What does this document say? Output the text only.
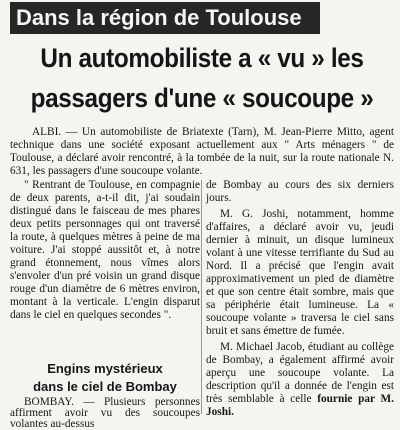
Dans la région de Toulouse
Un automobiliste a « vu » les
passagers d'une « soucoupe »

ALBI. — Un automobiliste de Briatexte (Tarn), M. Jean-Pierre Mitto, agent technique dans une société exposant actuellement aux " Arts ménagers " de Toulouse, a déclaré avoir rencontré, à la tombée de la nuit, sur la route nationale N. 631, les passagers d'une soucoupe volante.

" Rentrant de Toulouse, en compagnie de deux parents, a-t-il dit, j'ai soudain distingué dans le faisceau de mes phares deux petits personnages qui ont traversé la route, à quelques mètres à peine de ma voiture. J'ai stoppé aussitôt et, à notre grand étonnement, nous vîmes alors s'envoler d'un pré voisin un grand disque rouge d'un diamètre de 6 mètres environ, montant à la verticale. L'engin disparut dans le ciel en quelques secondes ".

Engins mystérieux
dans le ciel de Bombay

BOMBAY. — Plusieurs personnes affirment avoir vu des soucoupes volantes au-dessus

de Bombay au cours des six derniers jours.

M. G. Joshi, notamment, homme d'affaires, a déclaré avoir vu, jeudi dernier à minuit, un disque lumineux volant à une vitesse terrifiante du Sud au Nord. Il a précisé que l'engin avait approximativement un pied de diamètre et que son centre était sombre, mais que sa périphérie était lumineuse. La « soucoupe volante » traversa le ciel sans bruit et sans émettre de fumée.

M. Michael Jacob, étudiant au collège de Bombay, a également affirmé avoir aperçu une soucoupe volante. La description qu'il a donnée de l'engin est très semblable à celle fournie par M. Joshi.
